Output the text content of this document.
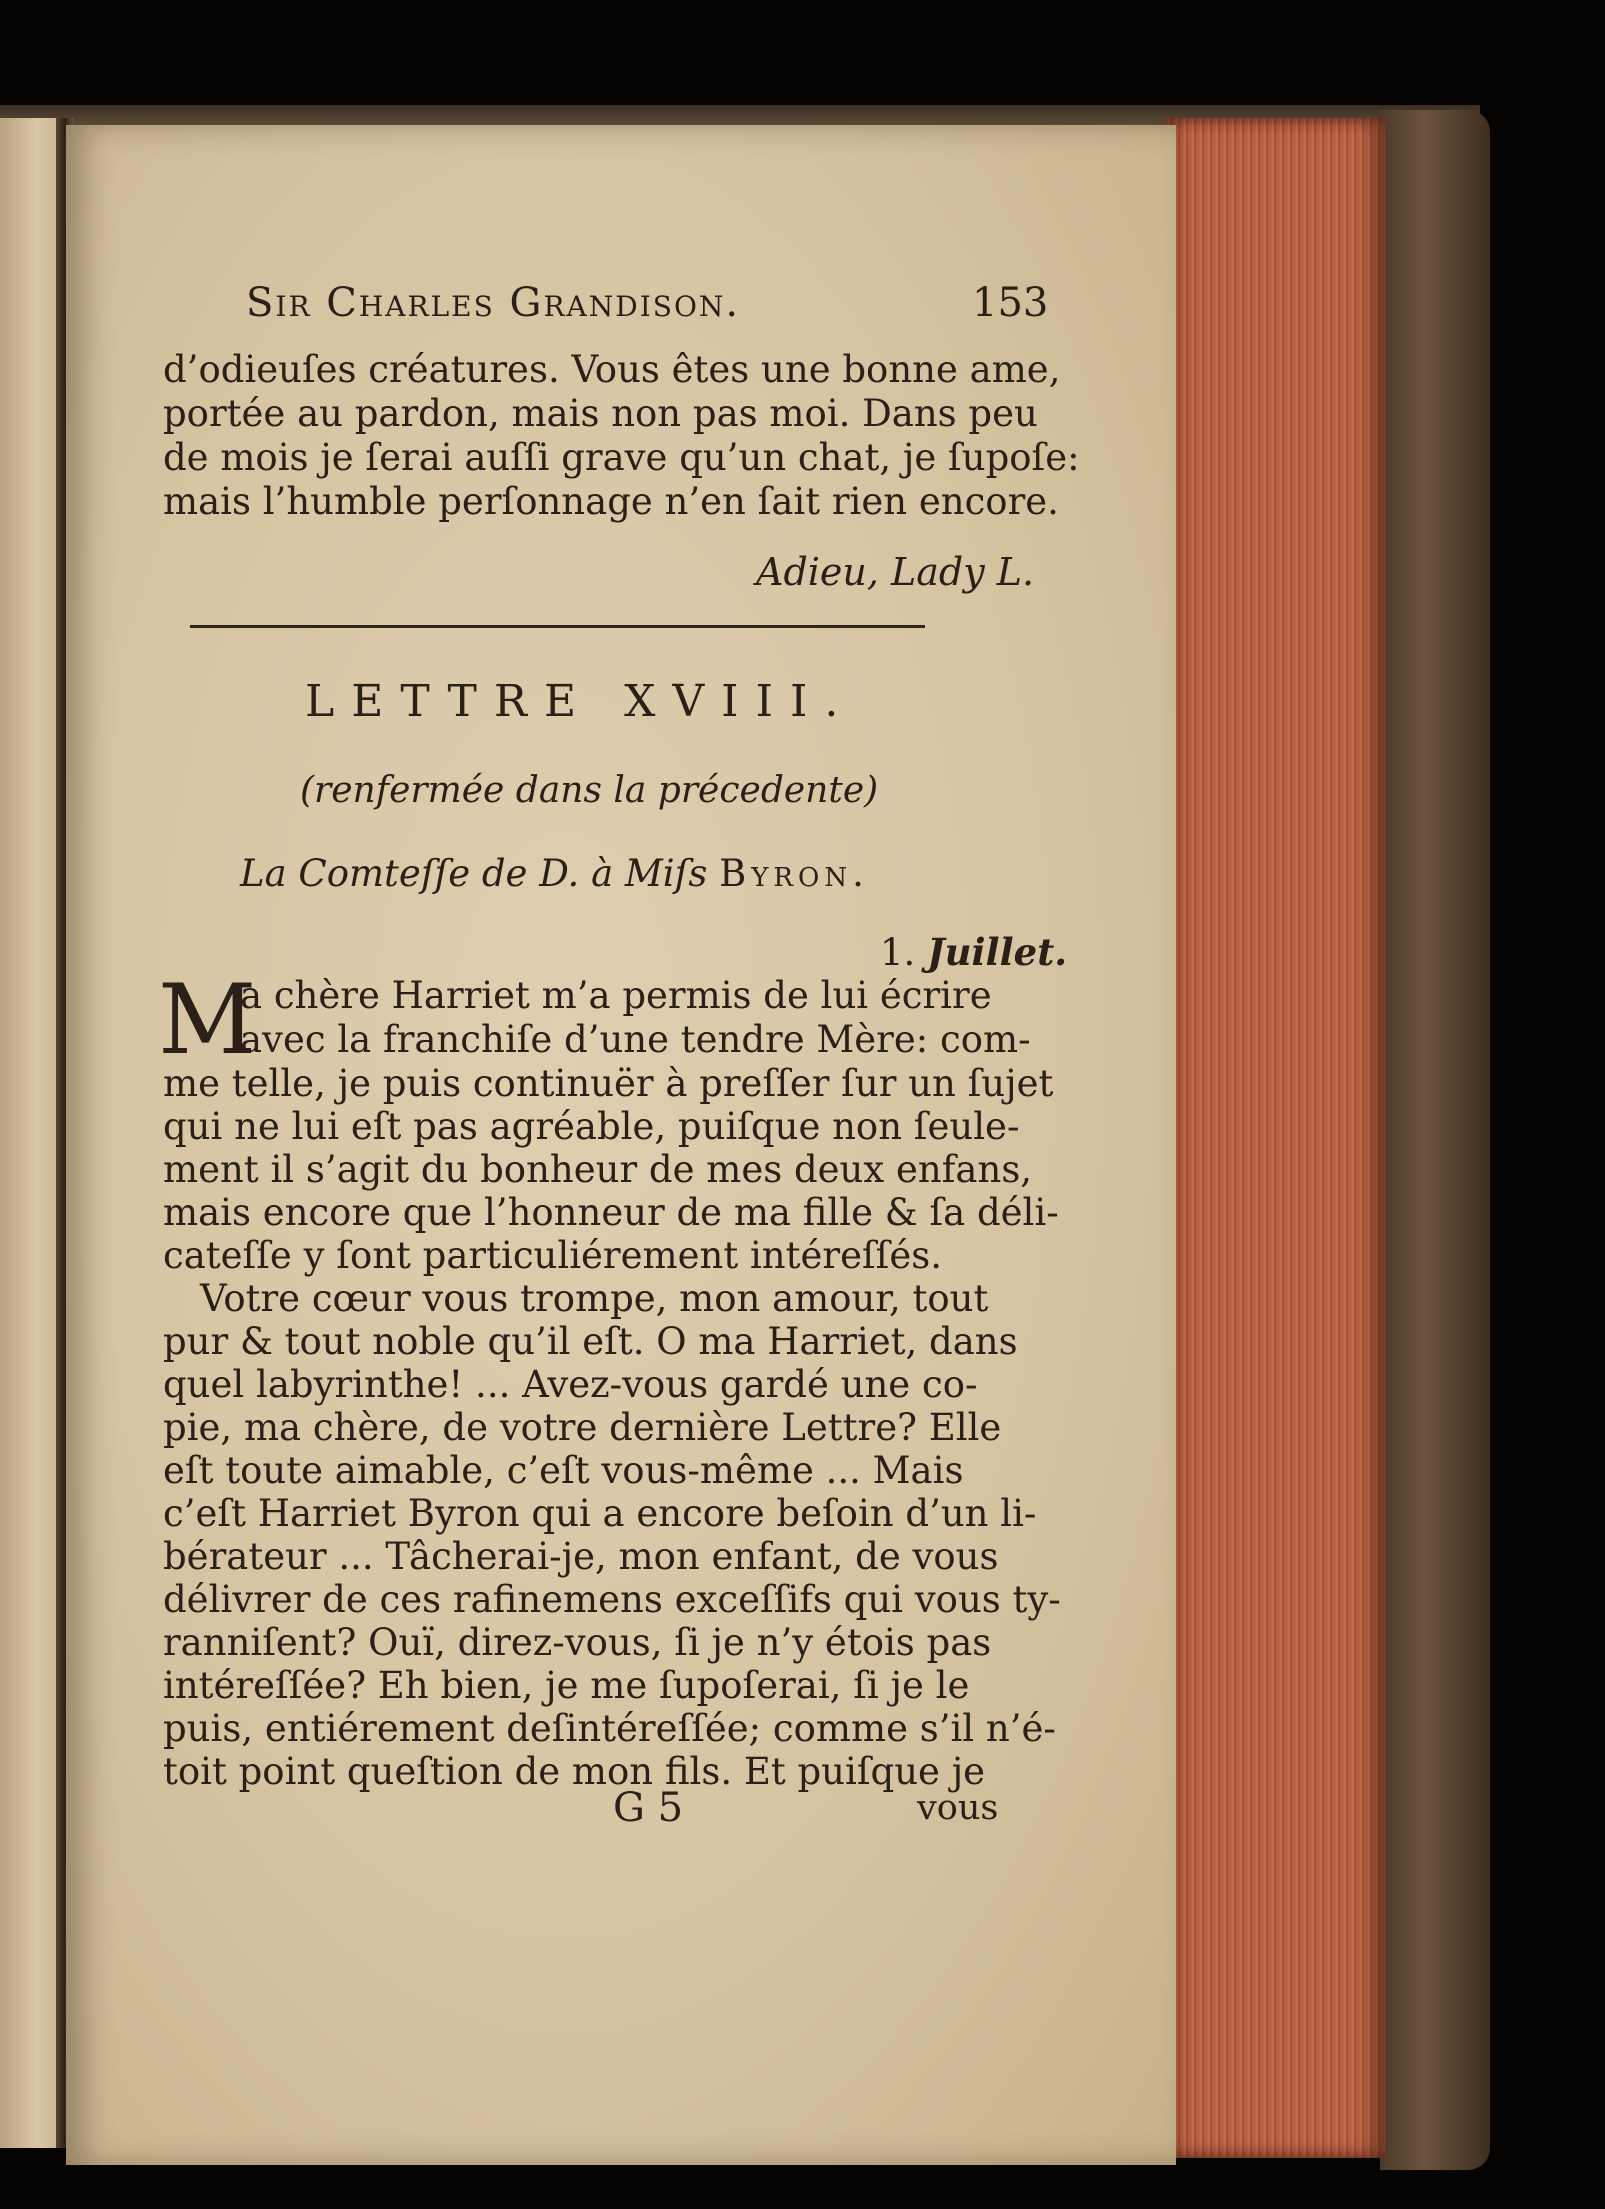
Sir Charles Grandison.	153
d’odieuſes créatures. Vous êtes une bonne ame,
portée au pardon, mais non pas moi. Dans peu
de mois je ſerai auſſi grave qu’un chat, je ſupoſe:
mais l’humble perſonnage n’en ſait rien encore.
Adieu, Lady L.
LETTRE XVIII.
(renfermée dans la précedente)
La Comteſſe de D. à Miſs Byron.
1. Juillet.
M
a chère Harriet m’a permis de lui écrire
avec la franchiſe d’une tendre Mère: com-
me telle, je puis continuër à preſſer ſur un ſujet
qui ne lui eſt pas agréable, puiſque non ſeule-
ment il s’agit du bonheur de mes deux enfans,
mais encore que l’honneur de ma fille & ſa déli-
cateſſe y ſont particuliérement intéreſſés.
Votre cœur vous trompe, mon amour, tout
pur & tout noble qu’il eſt. O ma Harriet, dans
quel labyrinthe! ... Avez-vous gardé une co-
pie, ma chère, de votre dernière Lettre? Elle
eſt toute aimable, c’eſt vous-même ... Mais
c’eſt Harriet Byron qui a encore beſoin d’un li-
bérateur ... Tâcherai-je, mon enfant, de vous
délivrer de ces rafinemens exceſſifs qui vous ty-
ranniſent? Ouï, direz-vous, ſi je n’y étois pas
intéreſſée? Eh bien, je me ſupoſerai, ſi je le
puis, entiérement deſintéreſſée; comme s’il n’é-
toit point queſtion de mon fils. Et puiſque je
G 5	vous
